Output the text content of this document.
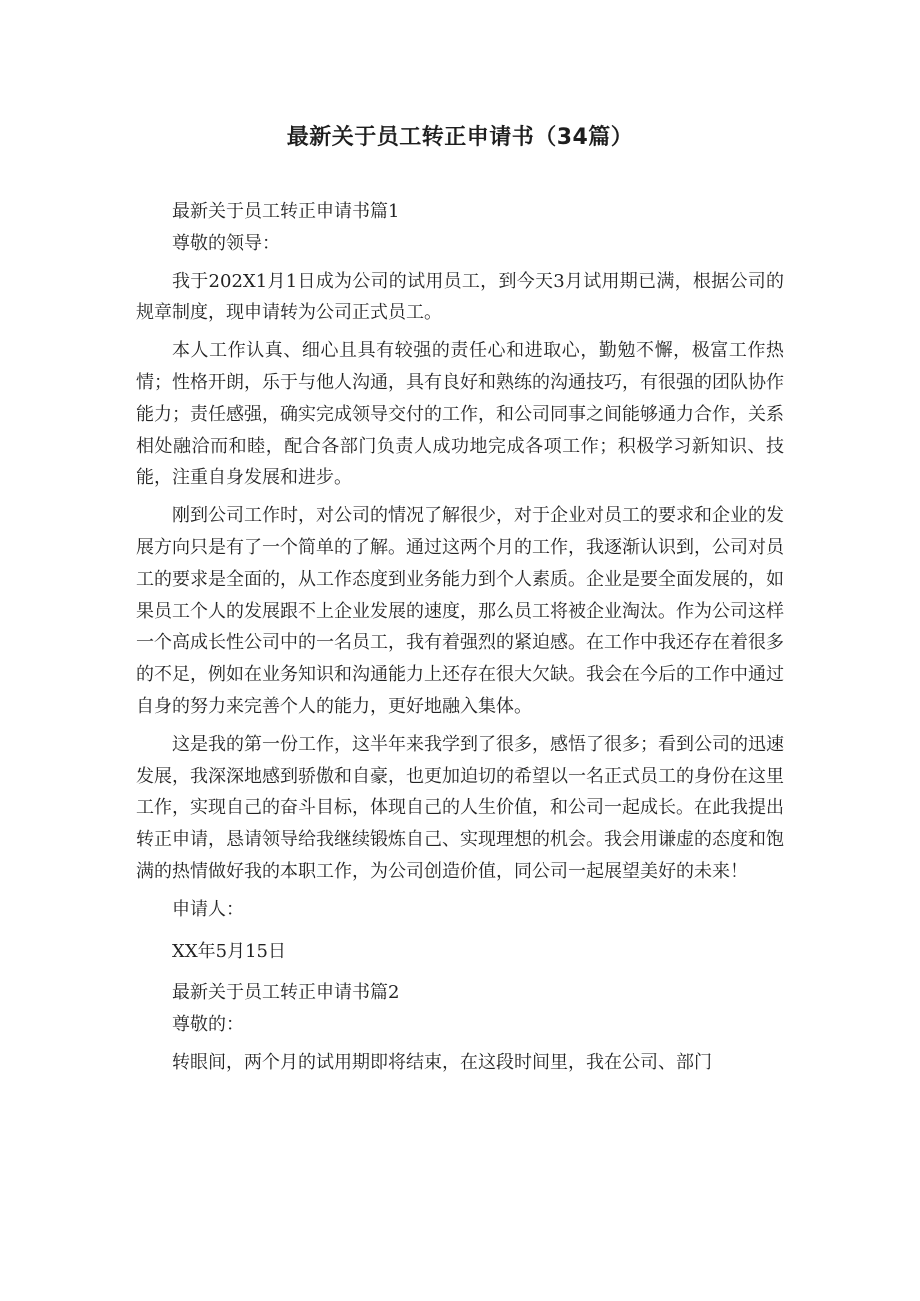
最新关于员工转正申请书（34篇）

最新关于员工转正申请书篇1

尊敬的领导：

我于202X1月1日成为公司的试用员工，到今天3月试用期已满，根据公司的规章制度，现申请转为公司正式员工。

本人工作认真、细心且具有较强的责任心和进取心，勤勉不懈，极富工作热情；性格开朗，乐于与他人沟通，具有良好和熟练的沟通技巧，有很强的团队协作能力；责任感强，确实完成领导交付的工作，和公司同事之间能够通力合作，关系相处融洽而和睦，配合各部门负责人成功地完成各项工作；积极学习新知识、技能，注重自身发展和进步。

刚到公司工作时，对公司的情况了解很少，对于企业对员工的要求和企业的发展方向只是有了一个简单的了解。通过这两个月的工作，我逐渐认识到，公司对员工的要求是全面的，从工作态度到业务能力到个人素质。企业是要全面发展的，如果员工个人的发展跟不上企业发展的速度，那么员工将被企业淘汰。作为公司这样一个高成长性公司中的一名员工，我有着强烈的紧迫感。在工作中我还存在着很多的不足，例如在业务知识和沟通能力上还存在很大欠缺。我会在今后的工作中通过自身的努力来完善个人的能力，更好地融入集体。

这是我的第一份工作，这半年来我学到了很多，感悟了很多；看到公司的迅速发展，我深深地感到骄傲和自豪，也更加迫切的希望以一名正式员工的身份在这里工作，实现自己的奋斗目标，体现自己的人生价值，和公司一起成长。在此我提出转正申请，恳请领导给我继续锻炼自己、实现理想的机会。我会用谦虚的态度和饱满的热情做好我的本职工作，为公司创造价值，同公司一起展望美好的未来！

申请人：

XX年5月15日

最新关于员工转正申请书篇2

尊敬的：

转眼间，两个月的试用期即将结束，在这段时间里，我在公司、部门
